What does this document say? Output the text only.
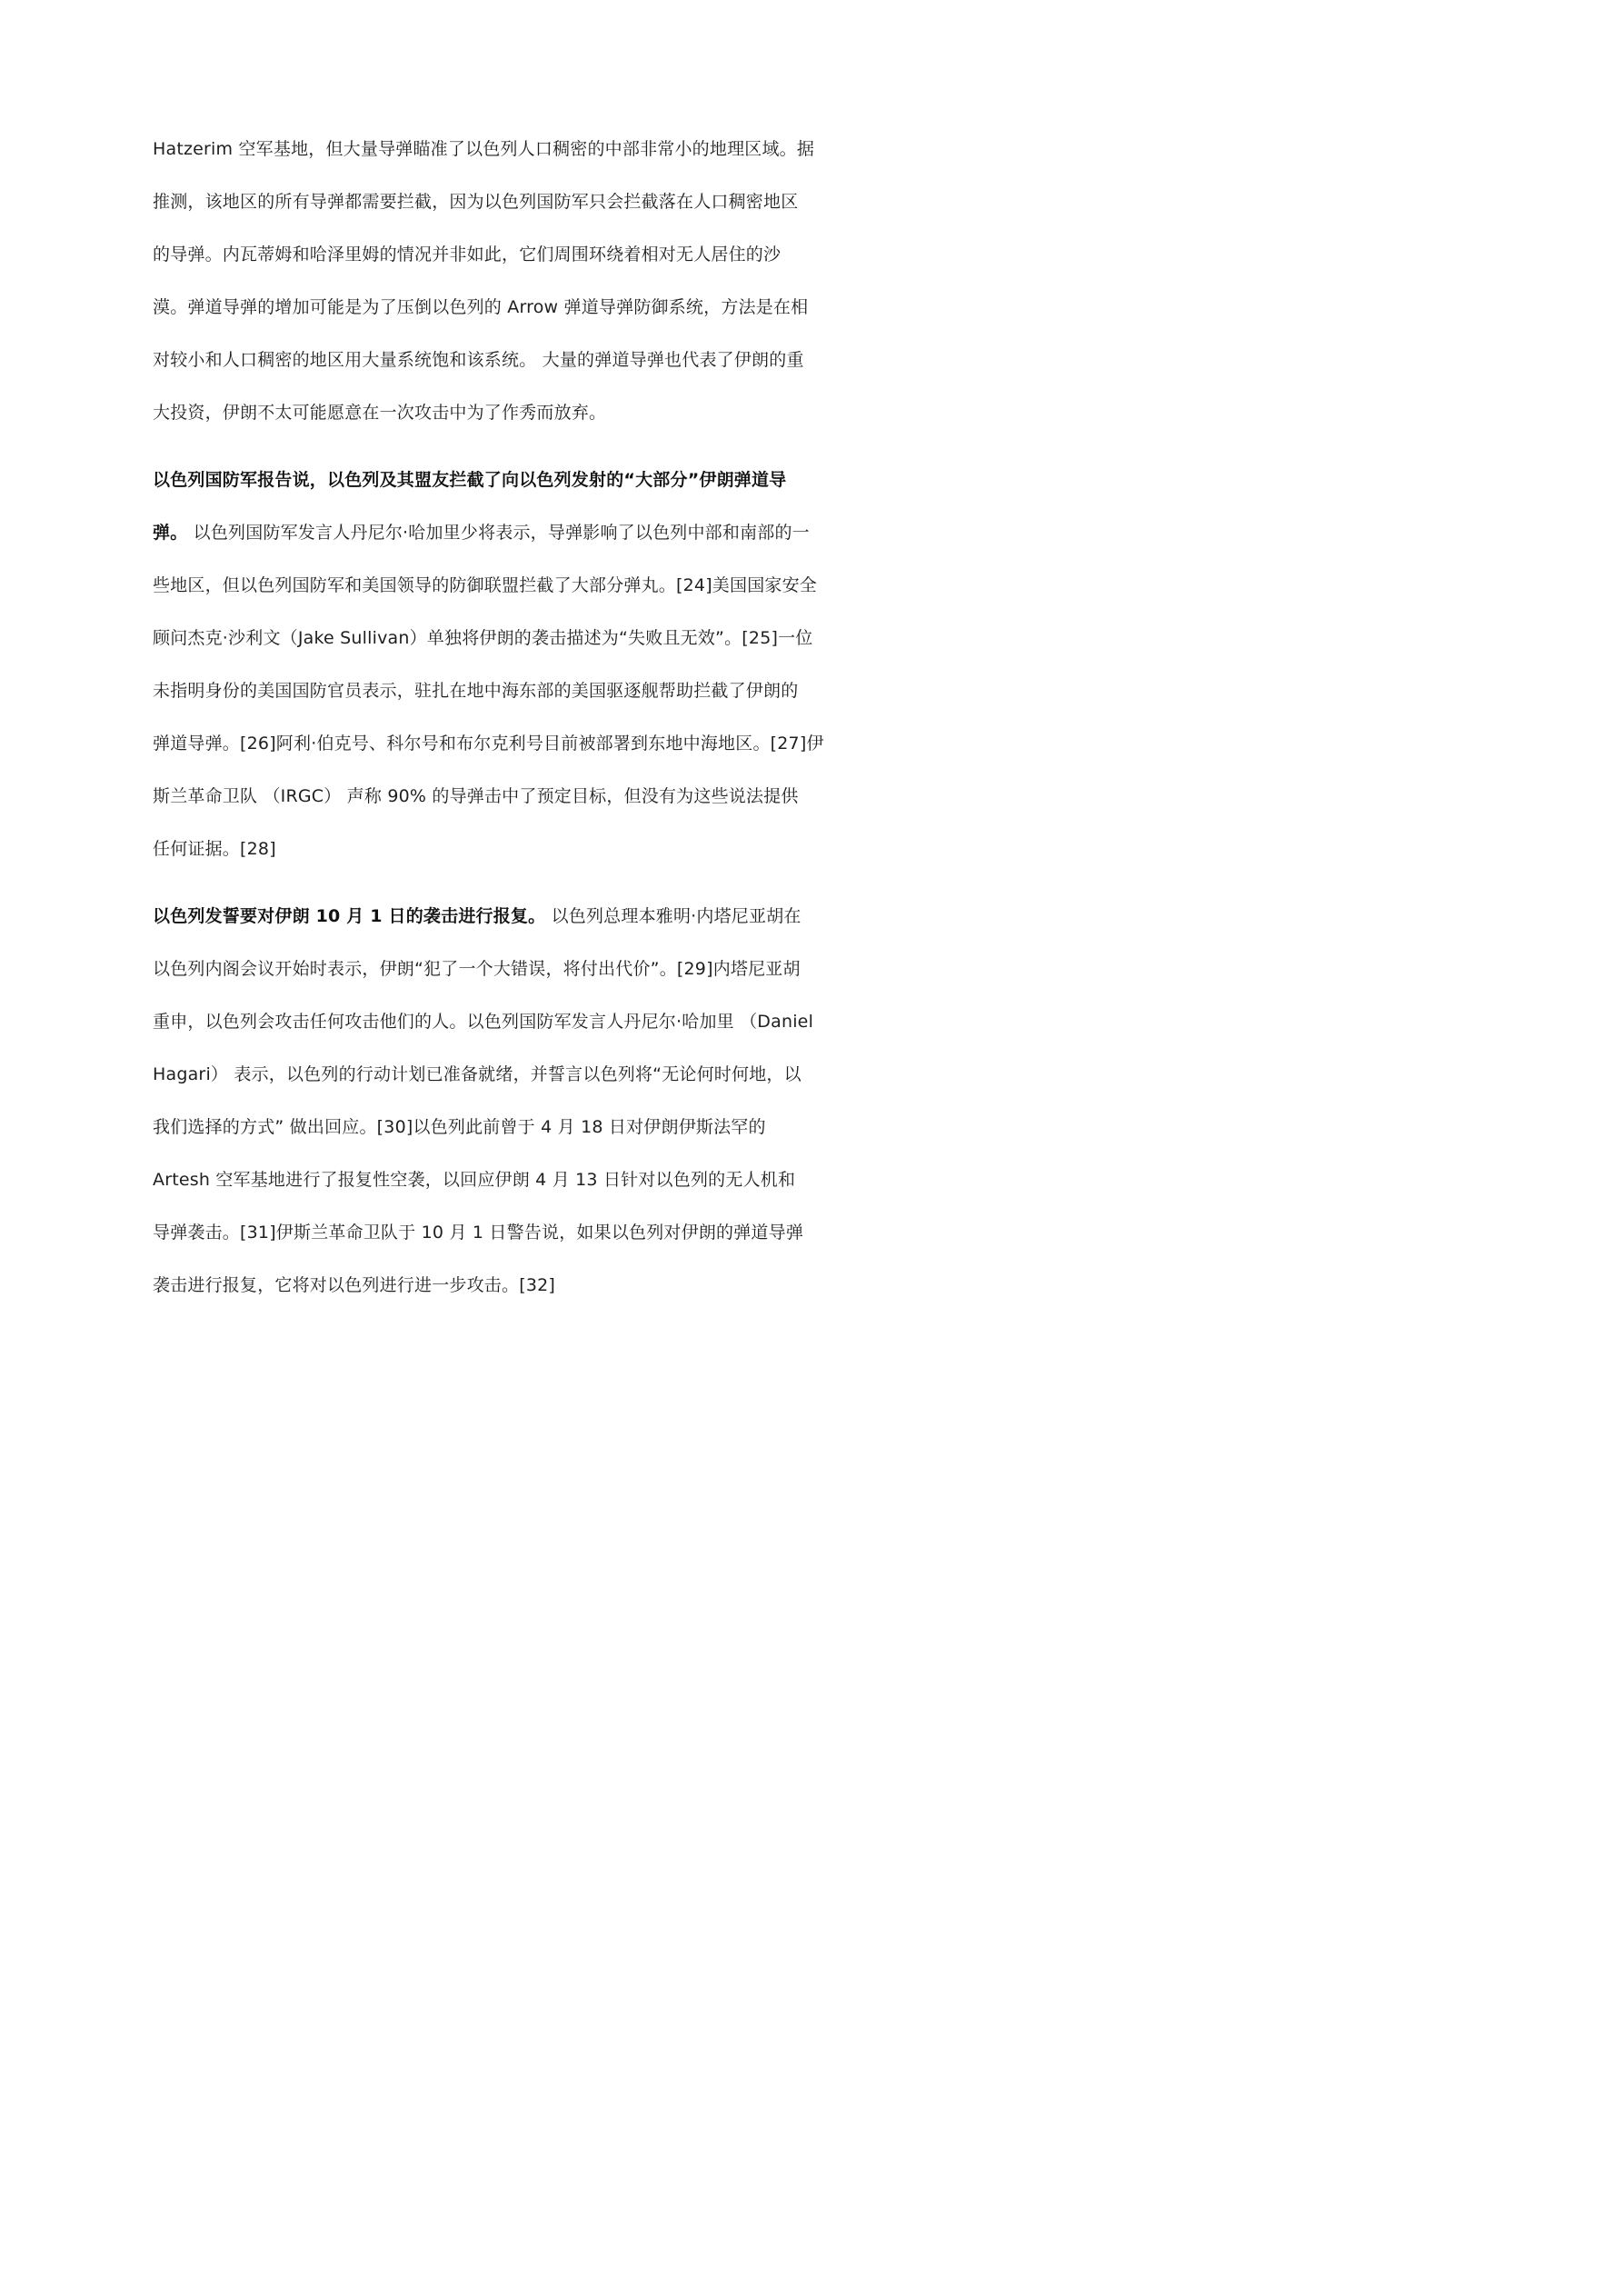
Hatzerim 空军基地，但大量导弹瞄准了以色列人口稠密的中部非常小的地理区域。据
推测，该地区的所有导弹都需要拦截，因为以色列国防军只会拦截落在人口稠密地区
的导弹。内瓦蒂姆和哈泽里姆的情况并非如此，它们周围环绕着相对无人居住的沙
漠。弹道导弹的增加可能是为了压倒以色列的 Arrow 弹道导弹防御系统，方法是在相
对较小和人口稠密的地区用大量系统饱和该系统。 大量的弹道导弹也代表了伊朗的重
大投资，伊朗不太可能愿意在一次攻击中为了作秀而放弃。
以色列国防军报告说，以色列及其盟友拦截了向以色列发射的“大部分”伊朗弹道导
弹。 以色列国防军发言人丹尼尔·哈加里少将表示，导弹影响了以色列中部和南部的一
些地区，但以色列国防军和美国领导的防御联盟拦截了大部分弹丸。[24]美国国家安全
顾问杰克·沙利文（Jake Sullivan）单独将伊朗的袭击描述为“失败且无效”。[25]一位
未指明身份的美国国防官员表示，驻扎在地中海东部的美国驱逐舰帮助拦截了伊朗的
弹道导弹。[26]阿利·伯克号、科尔号和布尔克利号目前被部署到东地中海地区。[27]伊
斯兰革命卫队 （IRGC） 声称 90% 的导弹击中了预定目标，但没有为这些说法提供
任何证据。[28]
以色列发誓要对伊朗 10 月 1 日的袭击进行报复。 以色列总理本雅明·内塔尼亚胡在
以色列内阁会议开始时表示，伊朗“犯了一个大错误，将付出代价”。[29]内塔尼亚胡
重申，以色列会攻击任何攻击他们的人。以色列国防军发言人丹尼尔·哈加里 （Daniel
Hagari） 表示，以色列的行动计划已准备就绪，并誓言以色列将“无论何时何地，以
我们选择的方式” 做出回应。[30]以色列此前曾于 4 月 18 日对伊朗伊斯法罕的
Artesh 空军基地进行了报复性空袭，以回应伊朗 4 月 13 日针对以色列的无人机和
导弹袭击。[31]伊斯兰革命卫队于 10 月 1 日警告说，如果以色列对伊朗的弹道导弹
袭击进行报复，它将对以色列进行进一步攻击。[32]
